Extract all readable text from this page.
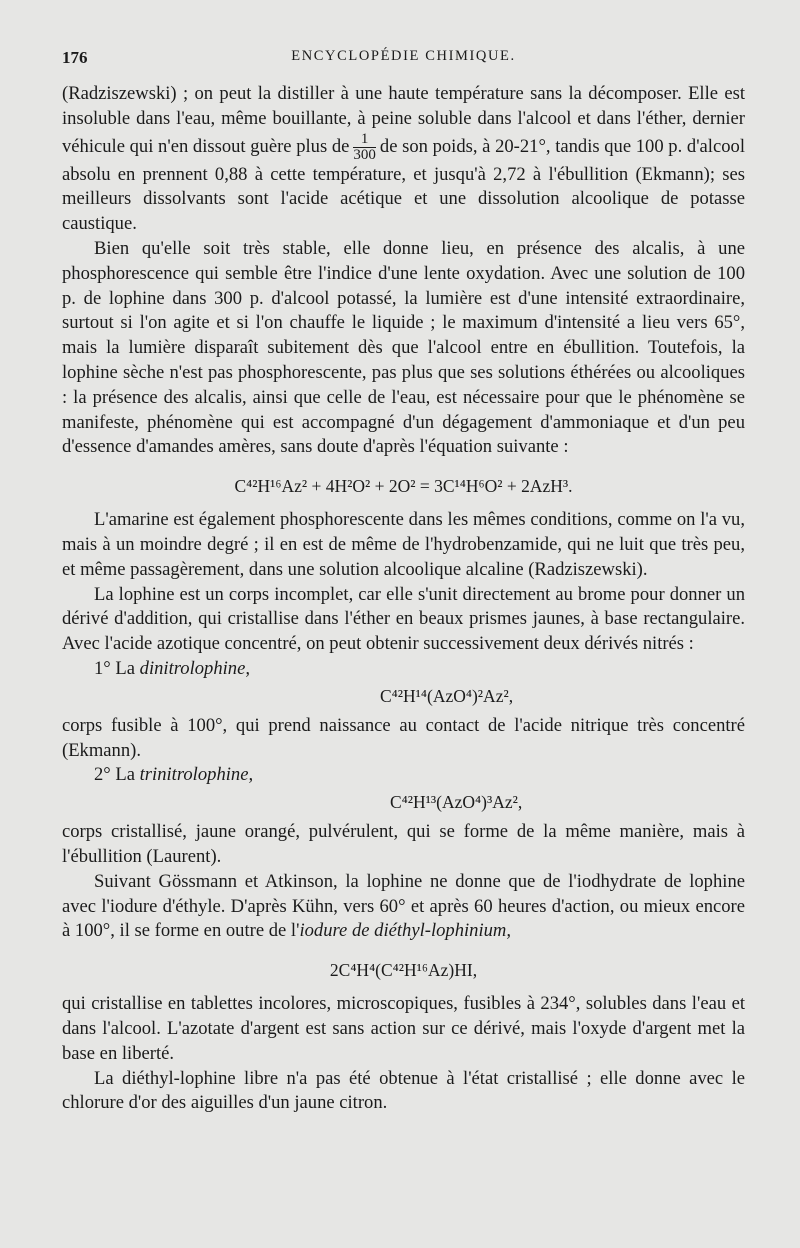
176	ENCYCLOPÉDIE CHIMIQUE.

(Radziszewski) ; on peut la distiller à une haute température sans la décomposer. Elle est insoluble dans l'eau, même bouillante, à peine soluble dans l'alcool et dans l'éther, dernier véhicule qui n'en dissout guère plus de $\frac{1}{300}$ de son poids, à 20-21°, tandis que 100 p. d'alcool absolu en prennent 0,88 à cette température, et jusqu'à 2,72 à l'ébullition (Ekmann); ses meilleurs dissolvants sont l'acide acétique et une dissolution alcoolique de potasse caustique.

Bien qu'elle soit très stable, elle donne lieu, en présence des alcalis, à une phosphorescence qui semble être l'indice d'une lente oxydation. Avec une solution de 100 p. de lophine dans 300 p. d'alcool potassé, la lumière est d'une intensité extraordinaire, surtout si l'on agite et si l'on chauffe le liquide ; le maximum d'intensité a lieu vers 65°, mais la lumière disparaît subitement dès que l'alcool entre en ébullition. Toutefois, la lophine sèche n'est pas phosphorescente, pas plus que ses solutions éthérées ou alcooliques : la présence des alcalis, ainsi que celle de l'eau, est nécessaire pour que le phénomène se manifeste, phénomène qui est accompagné d'un dégagement d'ammoniaque et d'un peu d'essence d'amandes amères, sans doute d'après l'équation suivante :

C⁴²H¹⁶Az² + 4H²O² + 2O² = 3C¹⁴H⁶O² + 2AzH³.

L'amarine est également phosphorescente dans les mêmes conditions, comme on l'a vu, mais à un moindre degré ; il en est de même de l'hydrobenzamide, qui ne luit que très peu, et même passagèrement, dans une solution alcoolique alcaline (Radziszewski).

La lophine est un corps incomplet, car elle s'unit directement au brome pour donner un dérivé d'addition, qui cristallise dans l'éther en beaux prismes jaunes, à base rectangulaire. Avec l'acide azotique concentré, on peut obtenir successivement deux dérivés nitrés :

1° La dinitrolophine,

C⁴²H¹⁴(AzO⁴)²Az²,

corps fusible à 100°, qui prend naissance au contact de l'acide nitrique très concentré (Ekmann).

2° La trinitrolophine,

C⁴²H¹³(AzO⁴)³Az²,

corps cristallisé, jaune orangé, pulvérulent, qui se forme de la même manière, mais à l'ébullition (Laurent).

Suivant Gössmann et Atkinson, la lophine ne donne que de l'iodhydrate de lophine avec l'iodure d'éthyle. D'après Kühn, vers 60° et après 60 heures d'action, ou mieux encore à 100°, il se forme en outre de l'iodure de diéthyl-lophinium,

2C⁴H⁴(C⁴²H¹⁶Az)HI,

qui cristallise en tablettes incolores, microscopiques, fusibles à 234°, solubles dans l'eau et dans l'alcool. L'azotate d'argent est sans action sur ce dérivé, mais l'oxyde d'argent met la base en liberté.

La diéthyl-lophine libre n'a pas été obtenue à l'état cristallisé ; elle donne avec le chlorure d'or des aiguilles d'un jaune citron.
